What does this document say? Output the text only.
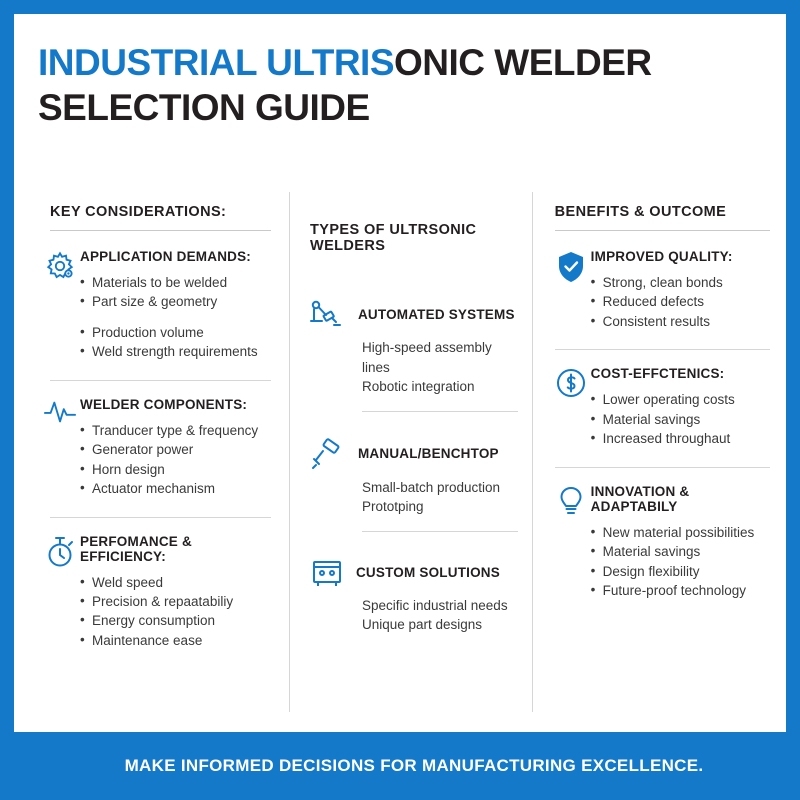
INDUSTRIAL ULTRISONIC WELDER
SELECTION GUIDE
KEY CONSIDERATIONS:
APPLICATION DEMANDS:
• Materials to be welded
• Part size & geometry
• Production volume
• Weld strength requirements
WELDER COMPONENTS:
• Tranducer type & frequency
• Generator power
• Horn design
• Actuator mechanism
PERFOMANCE & EFFICIENCY:
• Weld speed
• Precision & repaatabiliy
• Energy consumption
• Maintenance ease
TYPES OF ULTRSONIC WELDERS
AUTOMATED SYSTEMS
High-speed assembly lines
Robotic integration
MANUAL/BENCHTOP
Small-batch production
Prototping
CUSTOM SOLUTIONS
Specific industrial needs
Unique part designs
BENEFITS & OUTCOME
IMPROVED QUALITY:
• Strong, clean bonds
• Reduced defects
• Consistent results
COST-EFFCTENICS:
• Lower operating costs
• Material savings
• Increased throughaut
INNOVATION & ADAPTABILY
• New material possibilities
• Material savings
• Design flexibility
• Future-proof technology
MAKE INFORMED DECISIONS FOR MANUFACTURING EXCELLENCE.
